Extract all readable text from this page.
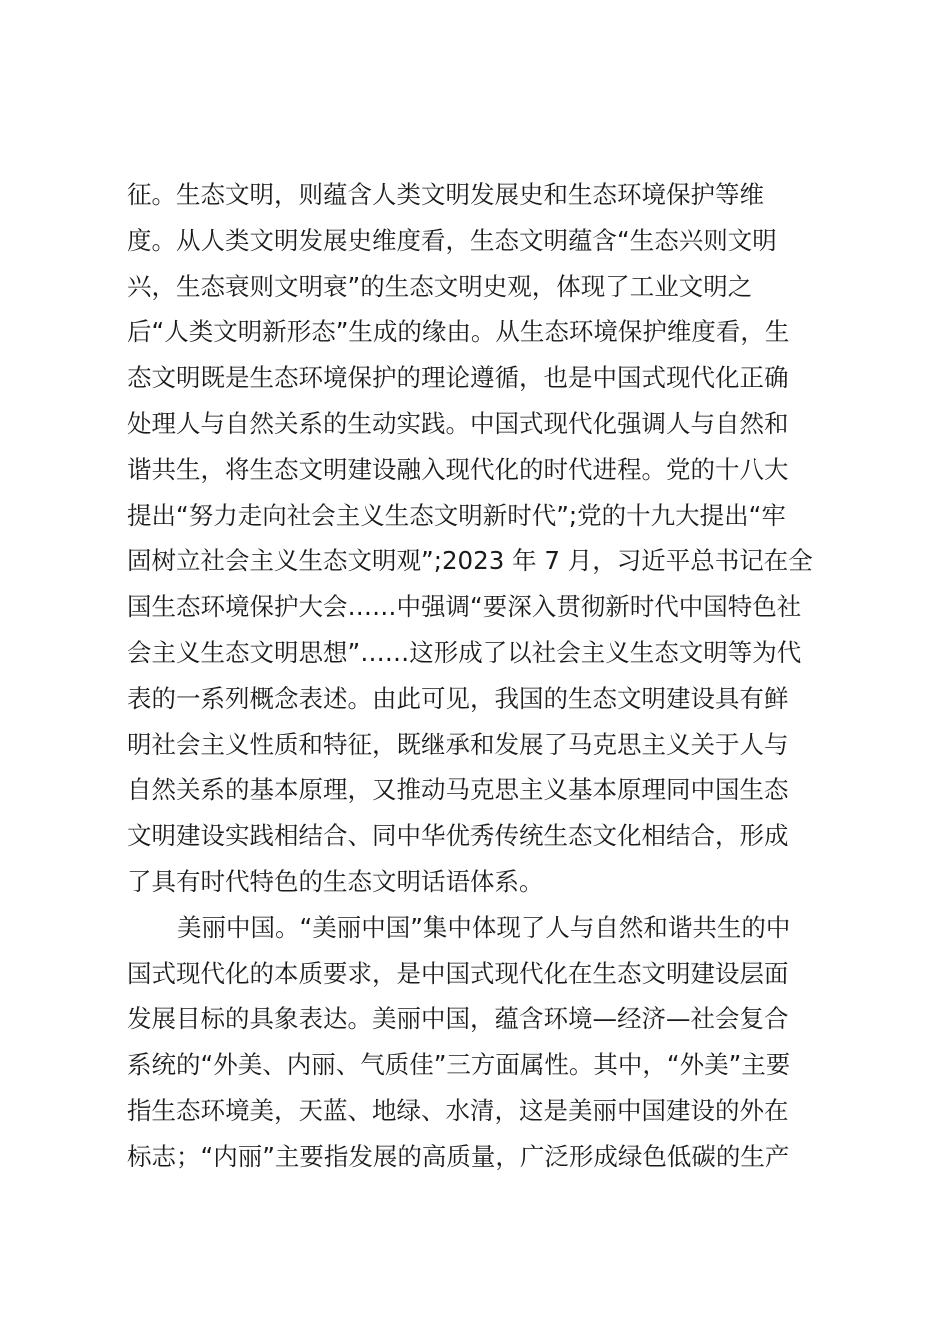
征。生态文明，则蕴含人类文明发展史和生态环境保护等维
度。从人类文明发展史维度看，生态文明蕴含“生态兴则文明
兴，生态衰则文明衰”的生态文明史观，体现了工业文明之
后“人类文明新形态”生成的缘由。从生态环境保护维度看，生
态文明既是生态环境保护的理论遵循，也是中国式现代化正确
处理人与自然关系的生动实践。中国式现代化强调人与自然和
谐共生，将生态文明建设融入现代化的时代进程。党的十八大
提出“努力走向社会主义生态文明新时代”;党的十九大提出“牢
固树立社会主义生态文明观”;2023 年 7 月，习近平总书记在全
国生态环境保护大会……中强调“要深入贯彻新时代中国特色社
会主义生态文明思想”……这形成了以社会主义生态文明等为代
表的一系列概念表述。由此可见，我国的生态文明建设具有鲜
明社会主义性质和特征，既继承和发展了马克思主义关于人与
自然关系的基本原理，又推动马克思主义基本原理同中国生态
文明建设实践相结合、同中华优秀传统生态文化相结合，形成
了具有时代特色的生态文明话语体系。
美丽中国。“美丽中国”集中体现了人与自然和谐共生的中
国式现代化的本质要求，是中国式现代化在生态文明建设层面
发展目标的具象表达。美丽中国，蕴含环境—经济—社会复合
系统的“外美、内丽、气质佳”三方面属性。其中，“外美”主要
指生态环境美，天蓝、地绿、水清，这是美丽中国建设的外在
标志；“内丽”主要指发展的高质量，广泛形成绿色低碳的生产
